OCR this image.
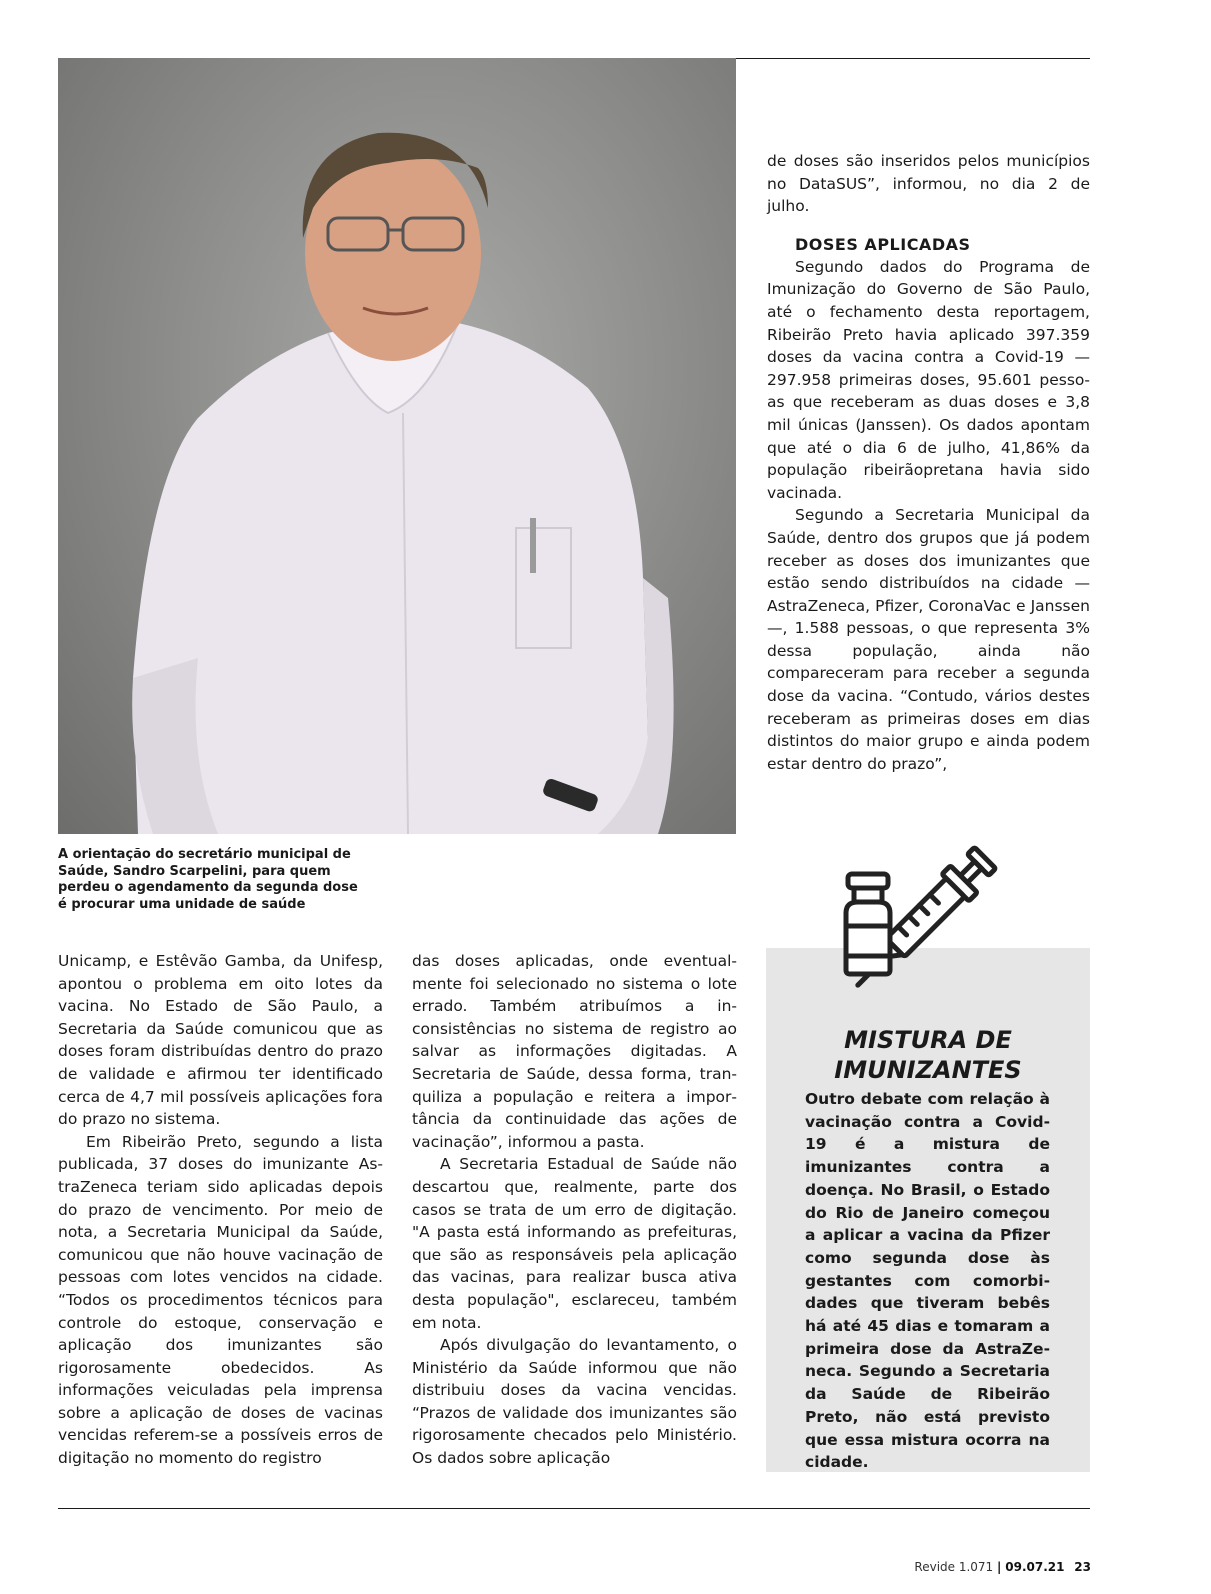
A orientação do secretário municipal de Saúde, Sandro Scarpelini, para quem perdeu o agendamento da segunda dose é procurar uma unidade de saúde

de doses são inseridos pelos municípios no DataSUS”, informou, no dia 2 de julho.

DOSES APLICADAS

Segundo dados do Programa de Imunização do Governo de São Paulo, até o fechamento desta reportagem, Ribeirão Preto havia aplicado 397.359 doses da vacina contra a Covid-19 — 297.958 primeiras doses, 95.601 pessoas que receberam as duas doses e 3,8 mil únicas (Janssen). Os dados apontam que até o dia 6 de julho, 41,86% da população ribeirãopretana havia sido vacinada.

Segundo a Secretaria Municipal da Saúde, dentro dos grupos que já podem receber as doses dos imunizantes que estão sendo distribuídos na cidade — AstraZeneca, Pfizer, CoronaVac e Janssen —, 1.588 pessoas, o que representa 3% dessa população, ainda não compareceram para receber a segunda dose da vacina. “Contudo, vários destes receberam as primeiras doses em dias distintos do maior grupo e ainda podem estar dentro do prazo”,

Unicamp, e Estêvão Gamba, da Unifesp, apontou o problema em oito lotes da vacina. No Estado de São Paulo, a Secretaria da Saúde comunicou que as doses foram distribuídas dentro do prazo de validade e afirmou ter identificado cerca de 4,7 mil possíveis aplicações fora do prazo no sistema.

Em Ribeirão Preto, segundo a lista publicada, 37 doses do imunizante AstraZeneca teriam sido aplicadas depois do prazo de vencimento. Por meio de nota, a Secretaria Municipal da Saúde, comunicou que não houve vacinação de pessoas com lotes vencidos na cidade. “Todos os procedimentos técnicos para controle do estoque, conservação e aplicação dos imunizantes são rigorosamente obedecidos. As informações veiculadas pela imprensa sobre a aplicação de doses de vacinas vencidas referem-se a possíveis erros de digitação no momento do registro

das doses aplicadas, onde eventualmente foi selecionado no sistema o lote errado. Também atribuímos a inconsistências no sistema de registro ao salvar as informações digitadas. A Secretaria de Saúde, dessa forma, tranquiliza a população e reitera a importância da continuidade das ações de vacinação”, informou a pasta.

A Secretaria Estadual de Saúde não descartou que, realmente, parte dos casos se trata de um erro de digitação. "A pasta está informando as prefeituras, que são as responsáveis pela aplicação das vacinas, para realizar busca ativa desta população", esclareceu, também em nota.

Após divulgação do levantamento, o Ministério da Saúde informou que não distribuiu doses da vacina vencidas. “Prazos de validade dos imunizantes são rigorosamente checados pelo Ministério. Os dados sobre aplicação

MISTURA DE
IMUNIZANTES
Outro debate com relação à vacinação contra a Covid-19 é a mistura de imunizantes contra a doença. No Brasil, o Estado do Rio de Janeiro começou a aplicar a vacina da Pfizer como segunda dose às gestantes com comorbidades que tiveram bebês há até 45 dias e tomaram a primeira dose da AstraZeneca. Segundo a Secretaria da Saúde de Ribeirão Preto, não está previsto que essa mistura ocorra na cidade.
Revide 1.071 | 09.07.21 23
